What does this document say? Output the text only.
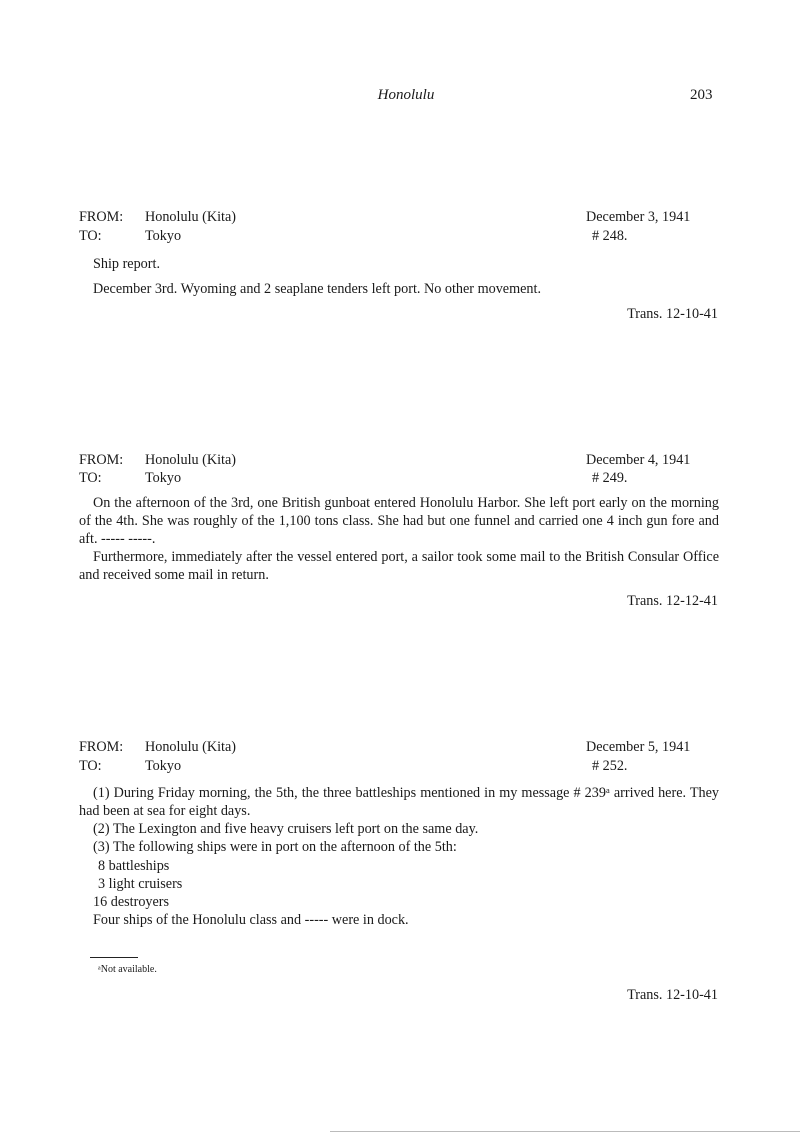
Honolulu	203
FROM: Honolulu (Kita)	December 3, 1941
TO:	Tokyo	# 248.
Ship report.
December 3rd. Wyoming and 2 seaplane tenders left port. No other movement.
Trans. 12-10-41
FROM: Honolulu (Kita)	December 4, 1941
TO:	Tokyo	# 249.

On the afternoon of the 3rd, one British gunboat entered Honolulu Harbor. She left port early on the morning of the 4th. She was roughly of the 1,100 tons class. She had but one funnel and carried one 4 inch gun fore and aft. ----- -----.

Furthermore, immediately after the vessel entered port, a sailor took some mail to the British Consular Office and received some mail in return.

Trans. 12-12-41
FROM: Honolulu (Kita)	December 5, 1941
TO:	Tokyo	# 252.

(1) During Friday morning, the 5th, the three battleships mentioned in my message # 239ᵃ arrived here. They had been at sea for eight days.

(2) The Lexington and five heavy cruisers left port on the same day.

(3) The following ships were in port on the afternoon of the 5th:

8 battleships
3 light cruisers
16 destroyers
Four ships of the Honolulu class and ----- were in dock.
ᵃNot available.
Trans. 12-10-41
